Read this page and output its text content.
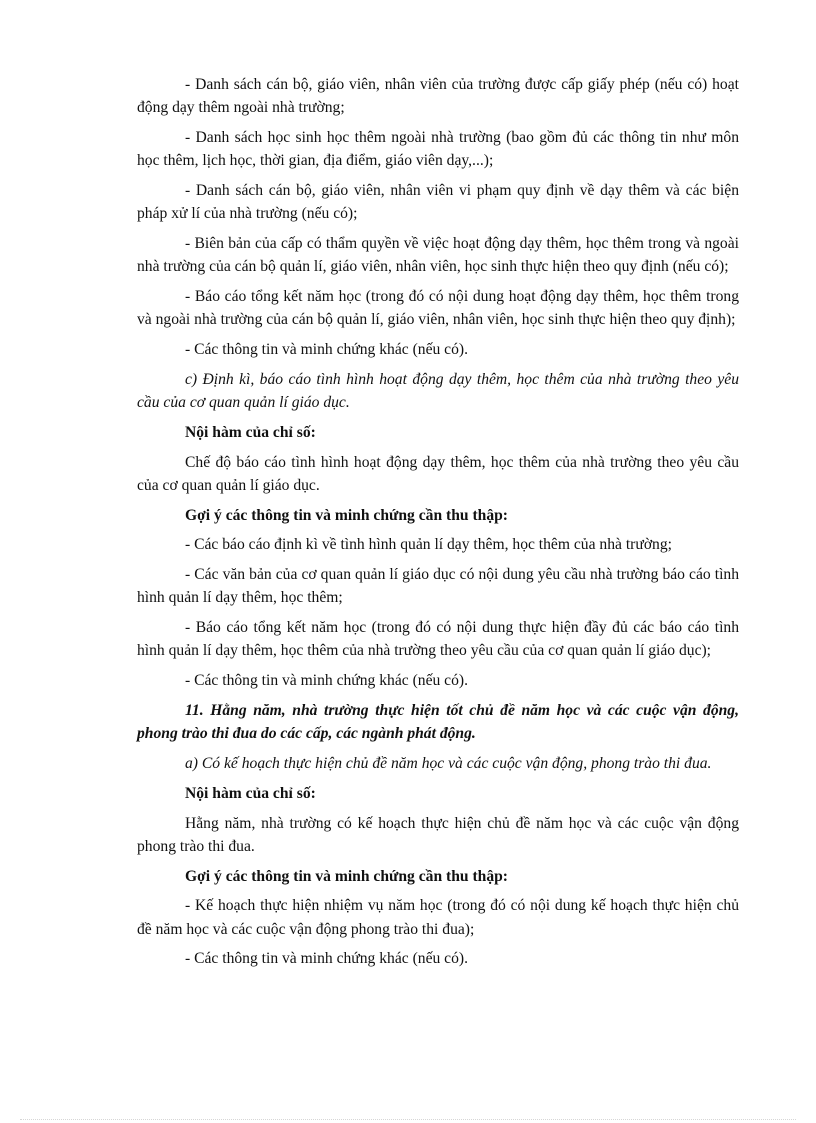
- Danh sách cán bộ, giáo viên, nhân viên của trường được cấp giấy phép (nếu có) hoạt động dạy thêm ngoài nhà trường;

- Danh sách học sinh học thêm ngoài nhà trường (bao gồm đủ các thông tin như môn học thêm, lịch học, thời gian, địa điểm, giáo viên dạy,...);

- Danh sách cán bộ, giáo viên, nhân viên vi phạm quy định về dạy thêm và các biện pháp xử lí của nhà trường (nếu có);

- Biên bản của cấp có thẩm quyền về việc hoạt động dạy thêm, học thêm trong và ngoài nhà trường của cán bộ quản lí, giáo viên, nhân viên, học sinh thực hiện theo quy định (nếu có);

- Báo cáo tổng kết năm học (trong đó có nội dung hoạt động dạy thêm, học thêm trong và ngoài nhà trường của cán bộ quản lí, giáo viên, nhân viên, học sinh thực hiện theo quy định);

- Các thông tin và minh chứng khác (nếu có).

c) Định kì, báo cáo tình hình hoạt động dạy thêm, học thêm của nhà trường theo yêu cầu của cơ quan quản lí giáo dục.

Nội hàm của chỉ số:

Chế độ báo cáo tình hình hoạt động dạy thêm, học thêm của nhà trường theo yêu cầu của cơ quan quản lí giáo dục.

Gợi ý các thông tin và minh chứng cần thu thập:

- Các báo cáo định kì về tình hình quản lí dạy thêm, học thêm của nhà trường;

- Các văn bản của cơ quan quản lí giáo dục có nội dung yêu cầu nhà trường báo cáo tình hình quản lí dạy thêm, học thêm;

- Báo cáo tổng kết năm học (trong đó có nội dung thực hiện đầy đủ các báo cáo tình hình quản lí dạy thêm, học thêm của nhà trường theo yêu cầu của cơ quan quản lí giáo dục);

- Các thông tin và minh chứng khác (nếu có).

11. Hằng năm, nhà trường thực hiện tốt chủ đề năm học và các cuộc vận động, phong trào thi đua do các cấp, các ngành phát động.

a) Có kế hoạch thực hiện chủ đề năm học và các cuộc vận động, phong trào thi đua.

Nội hàm của chỉ số:

Hằng năm, nhà trường có kế hoạch thực hiện chủ đề năm học và các cuộc vận động phong trào thi đua.

Gợi ý các thông tin và minh chứng cần thu thập:

- Kế hoạch thực hiện nhiệm vụ năm học (trong đó có nội dung kế hoạch thực hiện chủ đề năm học và các cuộc vận động phong trào thi đua);

- Các thông tin và minh chứng khác (nếu có).
